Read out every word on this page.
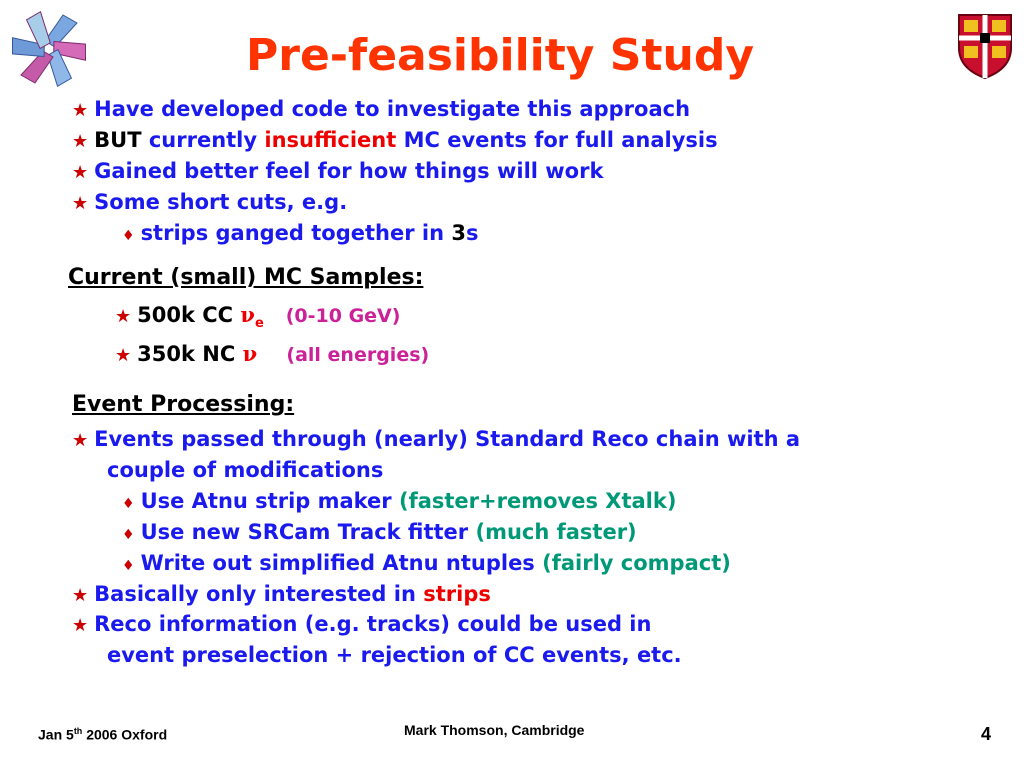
Pre-feasibility Study
★ Have developed code to investigate this approach
★ BUT currently insufficient MC events for full analysis
★ Gained better feel for how things will work
★ Some short cuts, e.g.
♦ strips ganged together in 3s
Current (small) MC Samples:
★ 500k CC $\nu_e$ (0-10 GeV)
★ 350k NC ν (all energies)
Event Processing:
★ Events passed through (nearly) Standard Reco chain with a
couple of modifications
♦ Use Atnu strip maker (faster+removes Xtalk)
♦ Use new SRCam Track fitter (much faster)
♦ Write out simplified Atnu ntuples (fairly compact)
★ Basically only interested in strips
★ Reco information (e.g. tracks) could be used in
event preselection + rejection of CC events, etc.
Jan 5th 2006 Oxford	Mark Thomson, Cambridge	4
